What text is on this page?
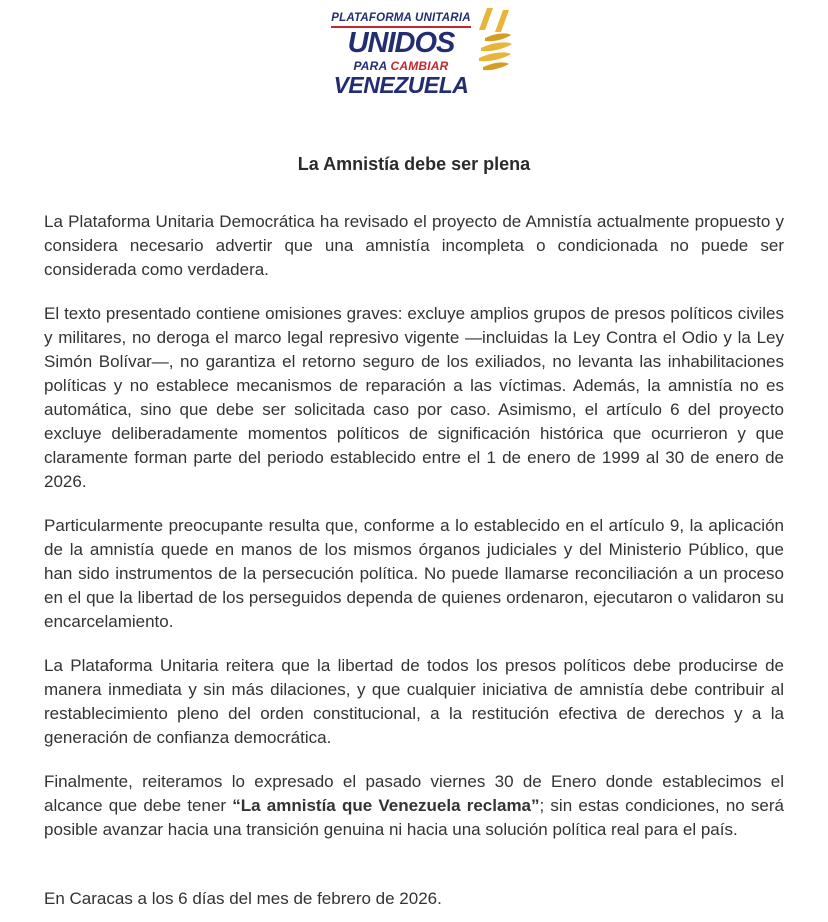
PLATAFORMA UNITARIA
UNIDOS
PARA CAMBIAR
VENEZUELA
La Amnistía debe ser plena

La Plataforma Unitaria Democrática ha revisado el proyecto de Amnistía actualmente propuesto y considera necesario advertir que una amnistía incompleta o condicionada no puede ser considerada como verdadera.

El texto presentado contiene omisiones graves: excluye amplios grupos de presos políticos civiles y militares, no deroga el marco legal represivo vigente —incluidas la Ley Contra el Odio y la Ley Simón Bolívar—, no garantiza el retorno seguro de los exiliados, no levanta las inhabilitaciones políticas y no establece mecanismos de reparación a las víctimas. Además, la amnistía no es automática, sino que debe ser solicitada caso por caso. Asimismo, el artículo 6 del proyecto excluye deliberadamente momentos políticos de significación histórica que ocurrieron y que claramente forman parte del periodo establecido entre el 1 de enero de 1999 al 30 de enero de 2026.

Particularmente preocupante resulta que, conforme a lo establecido en el artículo 9, la aplicación de la amnistía quede en manos de los mismos órganos judiciales y del Ministerio Público, que han sido instrumentos de la persecución política. No puede llamarse reconciliación a un proceso en el que la libertad de los perseguidos dependa de quienes ordenaron, ejecutaron o validaron su encarcelamiento.

La Plataforma Unitaria reitera que la libertad de todos los presos políticos debe producirse de manera inmediata y sin más dilaciones, y que cualquier iniciativa de amnistía debe contribuir al restablecimiento pleno del orden constitucional, a la restitución efectiva de derechos y a la generación de confianza democrática.

Finalmente, reiteramos lo expresado el pasado viernes 30 de Enero donde establecimos el alcance que debe tener “La amnistía que Venezuela reclama”; sin estas condiciones, no será posible avanzar hacia una transición genuina ni hacia una solución política real para el país.

En Caracas a los 6 días del mes de febrero de 2026.
